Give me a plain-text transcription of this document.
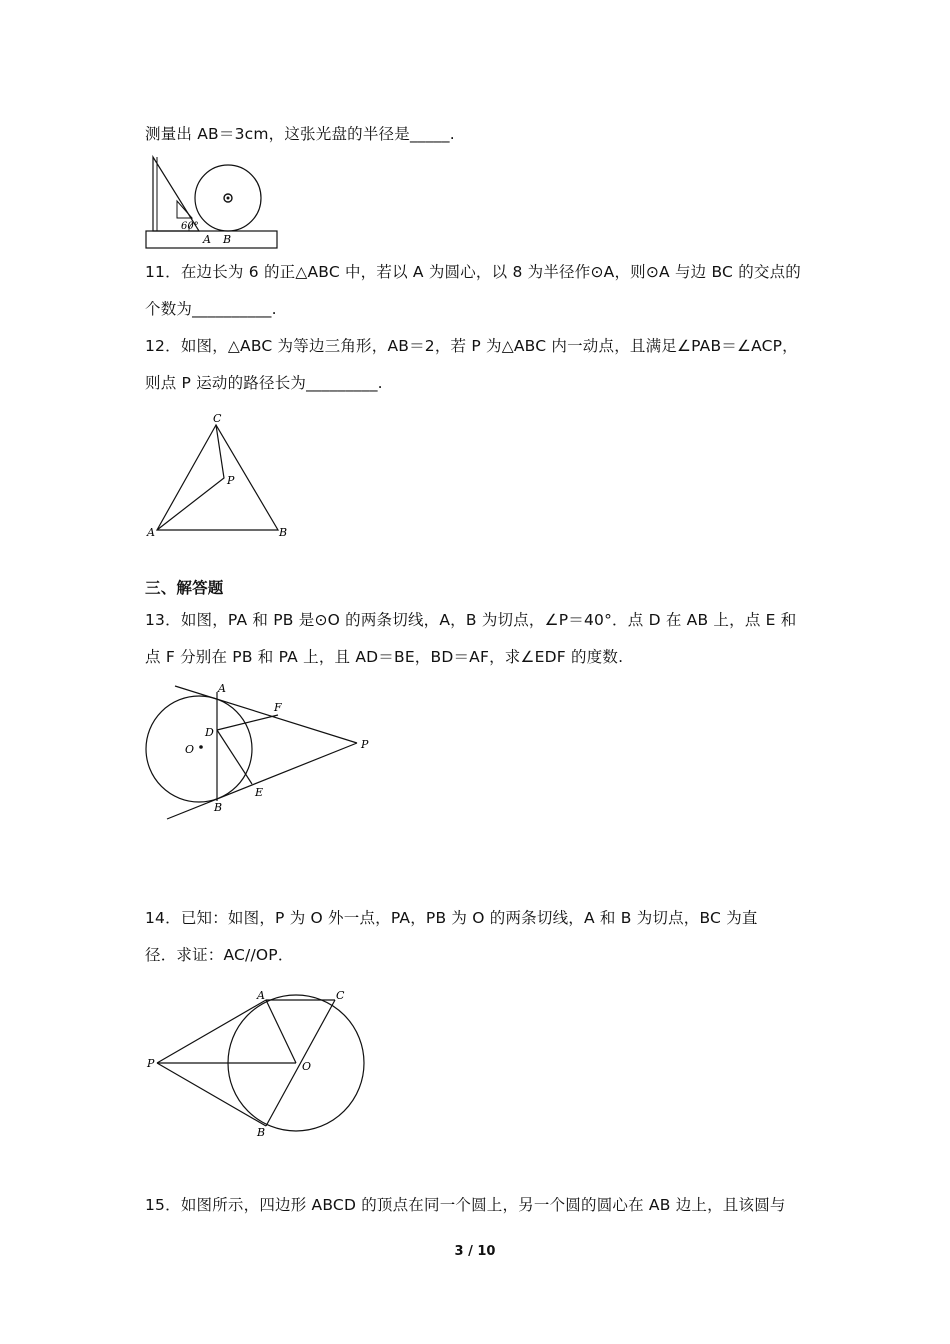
测量出 AB＝3cm，这张光盘的半径是_____.
60°
A B
11．在边长为 6 的正△ABC 中，若以 A 为圆心，以 8 为半径作⊙A，则⊙A 与边 BC 的交点的
个数为__________.
12．如图，△ABC 为等边三角形，AB＝2，若 P 为△ABC 内一动点，且满足∠PAB＝∠ACP，
则点 P 运动的路径长为_________.
C
P
A	B
三、解答题
13．如图，PA 和 PB 是⊙O 的两条切线，A，B 为切点，∠P＝40°．点 D 在 AB 上，点 E 和
点 F 分别在 PB 和 PA 上，且 AD＝BE，BD＝AF，求∠EDF 的度数.
A
F
D
O	P
E
B
14．已知：如图，P 为 O 外一点，PA，PB 为 O 的两条切线，A 和 B 为切点，BC 为直
径．求证：AC//OP．
A	C
P	O
B
15．如图所示，四边形 ABCD 的顶点在同一个圆上，另一个圆的圆心在 AB 边上，且该圆与
3 / 10
